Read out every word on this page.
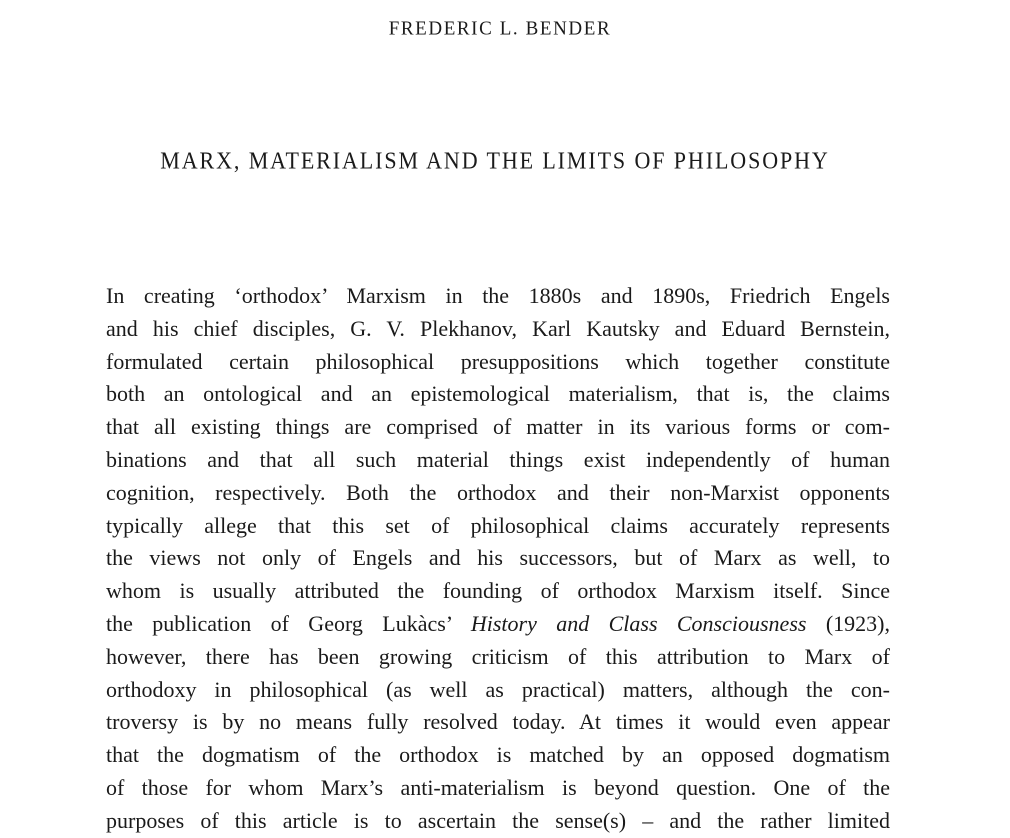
FREDERIC L. BENDER
MARX, MATERIALISM AND THE LIMITS OF PHILOSOPHY
In creating ‘orthodox’ Marxism in the 1880s and 1890s, Friedrich Engels
and his chief disciples, G. V. Plekhanov, Karl Kautsky and Eduard Bernstein,
formulated certain philosophical presuppositions which together constitute
both an ontological and an epistemological materialism, that is, the claims
that all existing things are comprised of matter in its various forms or com-
binations and that all such material things exist independently of human
cognition, respectively. Both the orthodox and their non-Marxist opponents
typically allege that this set of philosophical claims accurately represents
the views not only of Engels and his successors, but of Marx as well, to
whom is usually attributed the founding of orthodox Marxism itself. Since
the publication of Georg Lukàcs’ History and Class Consciousness (1923),
however, there has been growing criticism of this attribution to Marx of
orthodoxy in philosophical (as well as practical) matters, although the con-
troversy is by no means fully resolved today. At times it would even appear
that the dogmatism of the orthodox is matched by an opposed dogmatism
of those for whom Marx’s anti-materialism is beyond question. One of the
purposes of this article is to ascertain the sense(s) – and the rather limited
